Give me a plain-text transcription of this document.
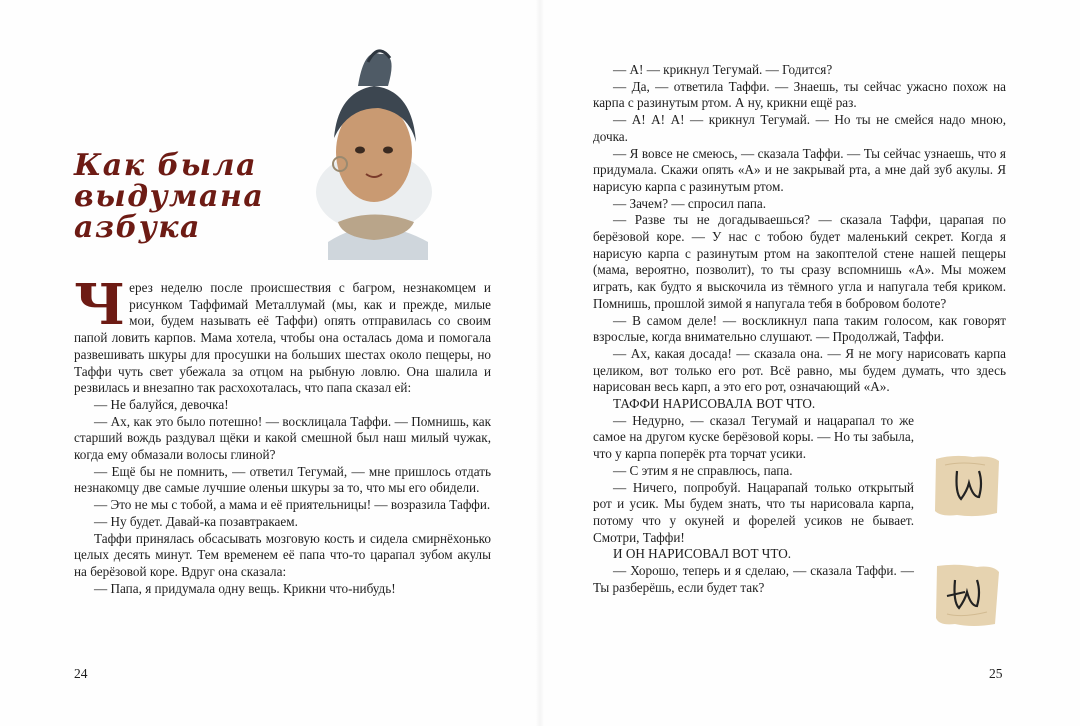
Как была
выдумана
азбука

Через неделю после происшествия с багром, незнакомцем и рисунком Таффимай Металлумай (мы, как и прежде, милые мои, будем называть её Таффи) опять отправилась со своим папой ловить карпов. Мама хотела, чтобы она осталась дома и помогала развешивать шкуры для просушки на больших шестах около пещеры, но Таффи чуть свет убежала за отцом на рыбную ловлю. Она шалила и резвилась и внезапно так расхохоталась, что папа сказал ей:

— Не балуйся, девочка!

— Ах, как это было потешно! — восклицала Таффи. — Помнишь, как старший вождь раздувал щёки и какой смешной был наш милый чужак, когда ему обмазали волосы глиной?

— Ещё бы не помнить, — ответил Тегумай, — мне пришлось отдать незнакомцу две самые лучшие оленьи шкуры за то, что мы его обидели.

— Это не мы с тобой, а мама и её приятельницы! — возразила Таффи.

— Ну будет. Давай-ка позавтракаем.

Таффи принялась обсасывать мозговую кость и сидела смирнёхонько целых десять минут. Тем временем её папа что-то царапал зубом акулы на берёзовой коре. Вдруг она сказала:

— Папа, я придумала одну вещь. Крикни что-нибудь!

24

— А! — крикнул Тегумай. — Годится?

— Да, — ответила Таффи. — Знаешь, ты сейчас ужасно похож на карпа с разинутым ртом. А ну, крикни ещё раз.

— А! А! А! — крикнул Тегумай. — Но ты не смейся надо мною, дочка.

— Я вовсе не смеюсь, — сказала Таффи. — Ты сейчас узнаешь, что я придумала. Скажи опять «А» и не закрывай рта, а мне дай зуб акулы. Я нарисую карпа с разинутым ртом.

— Зачем? — спросил папа.

— Разве ты не догадываешься? — сказала Таффи, царапая по берёзовой коре. — У нас с тобою будет маленький секрет. Когда я нарисую карпа с разинутым ртом на закоптелой стене нашей пещеры (мама, вероятно, позволит), то ты сразу вспомнишь «А». Мы можем играть, как будто я выскочила из тёмного угла и напугала тебя криком. Помнишь, прошлой зимой я напугала тебя в бобровом болоте?

— В самом деле! — воскликнул папа таким голосом, как говорят взрослые, когда внимательно слушают. — Продолжай, Таффи.

— Ах, какая досада! — сказала она. — Я не могу нарисовать карпа целиком, вот только его рот. Всё равно, мы будем думать, что здесь нарисован весь карп, а это его рот, означающий «А».

ТАФФИ НАРИСОВАЛА ВОТ ЧТО.

— Недурно, — сказал Тегумай и нацарапал то же самое на другом куске берёзовой коры. — Но ты забыла, что у карпа поперёк рта торчат усики.

— С этим я не справлюсь, папа.

— Ничего, попробуй. Нацарапай только открытый рот и усик. Мы будем знать, что ты нарисовала карпа, потому что у окуней и форелей усиков не бывает. Смотри, Таффи!

И ОН НАРИСОВАЛ ВОТ ЧТО.

— Хорошо, теперь и я сделаю, — сказала Таффи. — Ты разберёшь, если будет так?

25
